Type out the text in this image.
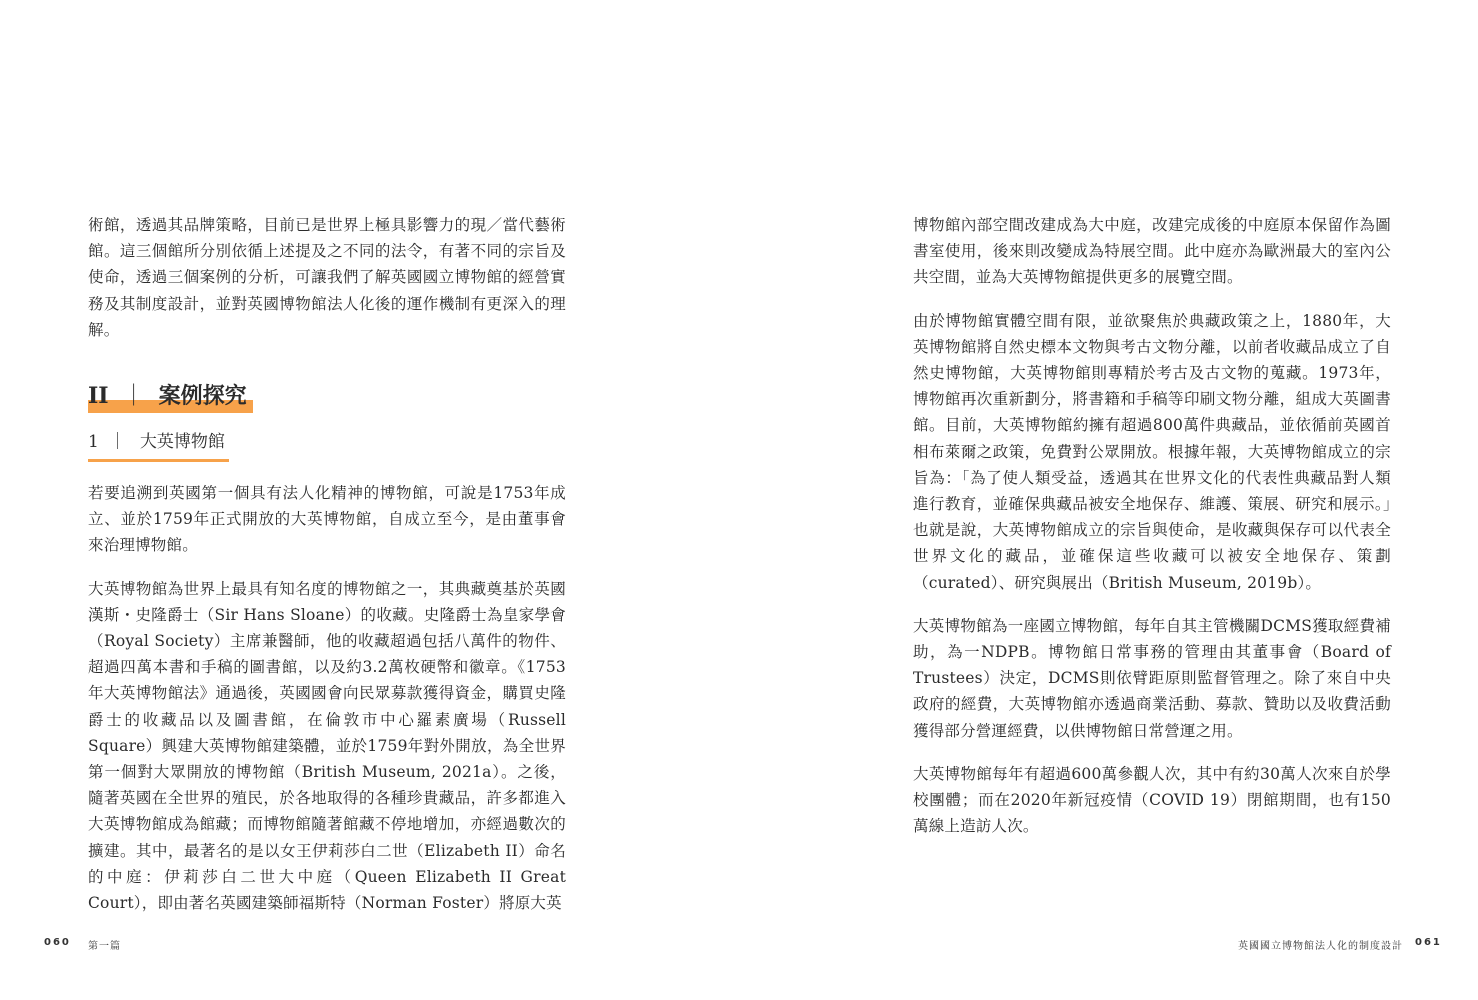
術館，透過其品牌策略，目前已是世界上極具影響力的現／當代藝術館。這三個館所分別依循上述提及之不同的法令，有著不同的宗旨及使命，透過三個案例的分析，可讓我們了解英國國立博物館的經營實務及其制度設計，並對英國博物館法人化後的運作機制有更深入的理解。

II ｜ 案例探究
1 ｜ 大英博物館

若要追溯到英國第一個具有法人化精神的博物館，可說是1753年成立、並於1759年正式開放的大英博物館，自成立至今，是由董事會來治理博物館。

大英博物館為世界上最具有知名度的博物館之一，其典藏奠基於英國漢斯・史隆爵士（Sir Hans Sloane）的收藏。史隆爵士為皇家學會（Royal Society）主席兼醫師，他的收藏超過包括八萬件的物件、超過四萬本書和手稿的圖書館，以及約3.2萬枚硬幣和徽章。《1753年大英博物館法》通過後，英國國會向民眾募款獲得資金，購買史隆爵士的收藏品以及圖書館，在倫敦市中心羅素廣場（Russell Square）興建大英博物館建築體，並於1759年對外開放，為全世界第一個對大眾開放的博物館（British Museum, 2021a）。之後，隨著英國在全世界的殖民，於各地取得的各種珍貴藏品，許多都進入大英博物館成為館藏；而博物館隨著館藏不停地增加，亦經過數次的擴建。其中，最著名的是以女王伊莉莎白二世（Elizabeth II）命名的中庭：伊莉莎白二世大中庭（Queen Elizabeth II Great Court），即由著名英國建築師福斯特（Norman Foster）將原大英

博物館內部空間改建成為大中庭，改建完成後的中庭原本保留作為圖書室使用，後來則改變成為特展空間。此中庭亦為歐洲最大的室內公共空間，並為大英博物館提供更多的展覽空間。

由於博物館實體空間有限，並欲聚焦於典藏政策之上，1880年，大英博物館將自然史標本文物與考古文物分離，以前者收藏品成立了自然史博物館，大英博物館則專精於考古及古文物的蒐藏。1973年，博物館再次重新劃分，將書籍和手稿等印刷文物分離，組成大英圖書館。目前，大英博物館約擁有超過800萬件典藏品，並依循前英國首相布萊爾之政策，免費對公眾開放。根據年報，大英博物館成立的宗旨為：「為了使人類受益，透過其在世界文化的代表性典藏品對人類進行教育，並確保典藏品被安全地保存、維護、策展、研究和展示。」也就是說，大英博物館成立的宗旨與使命，是收藏與保存可以代表全世界文化的藏品，並確保這些收藏可以被安全地保存、策劃（curated）、研究與展出（British Museum, 2019b）。

大英博物館為一座國立博物館，每年自其主管機關DCMS獲取經費補助，為一NDPB。博物館日常事務的管理由其董事會（Board of Trustees）決定，DCMS則依臂距原則監督管理之。除了來自中央政府的經費，大英博物館亦透過商業活動、募款、贊助以及收費活動獲得部分營運經費，以供博物館日常營運之用。

大英博物館每年有超過600萬參觀人次，其中有約30萬人次來自於學校團體；而在2020年新冠疫情（COVID 19）閉館期間，也有150萬線上造訪人次。

060 第一篇	英國國立博物館法人化的制度設計 061
